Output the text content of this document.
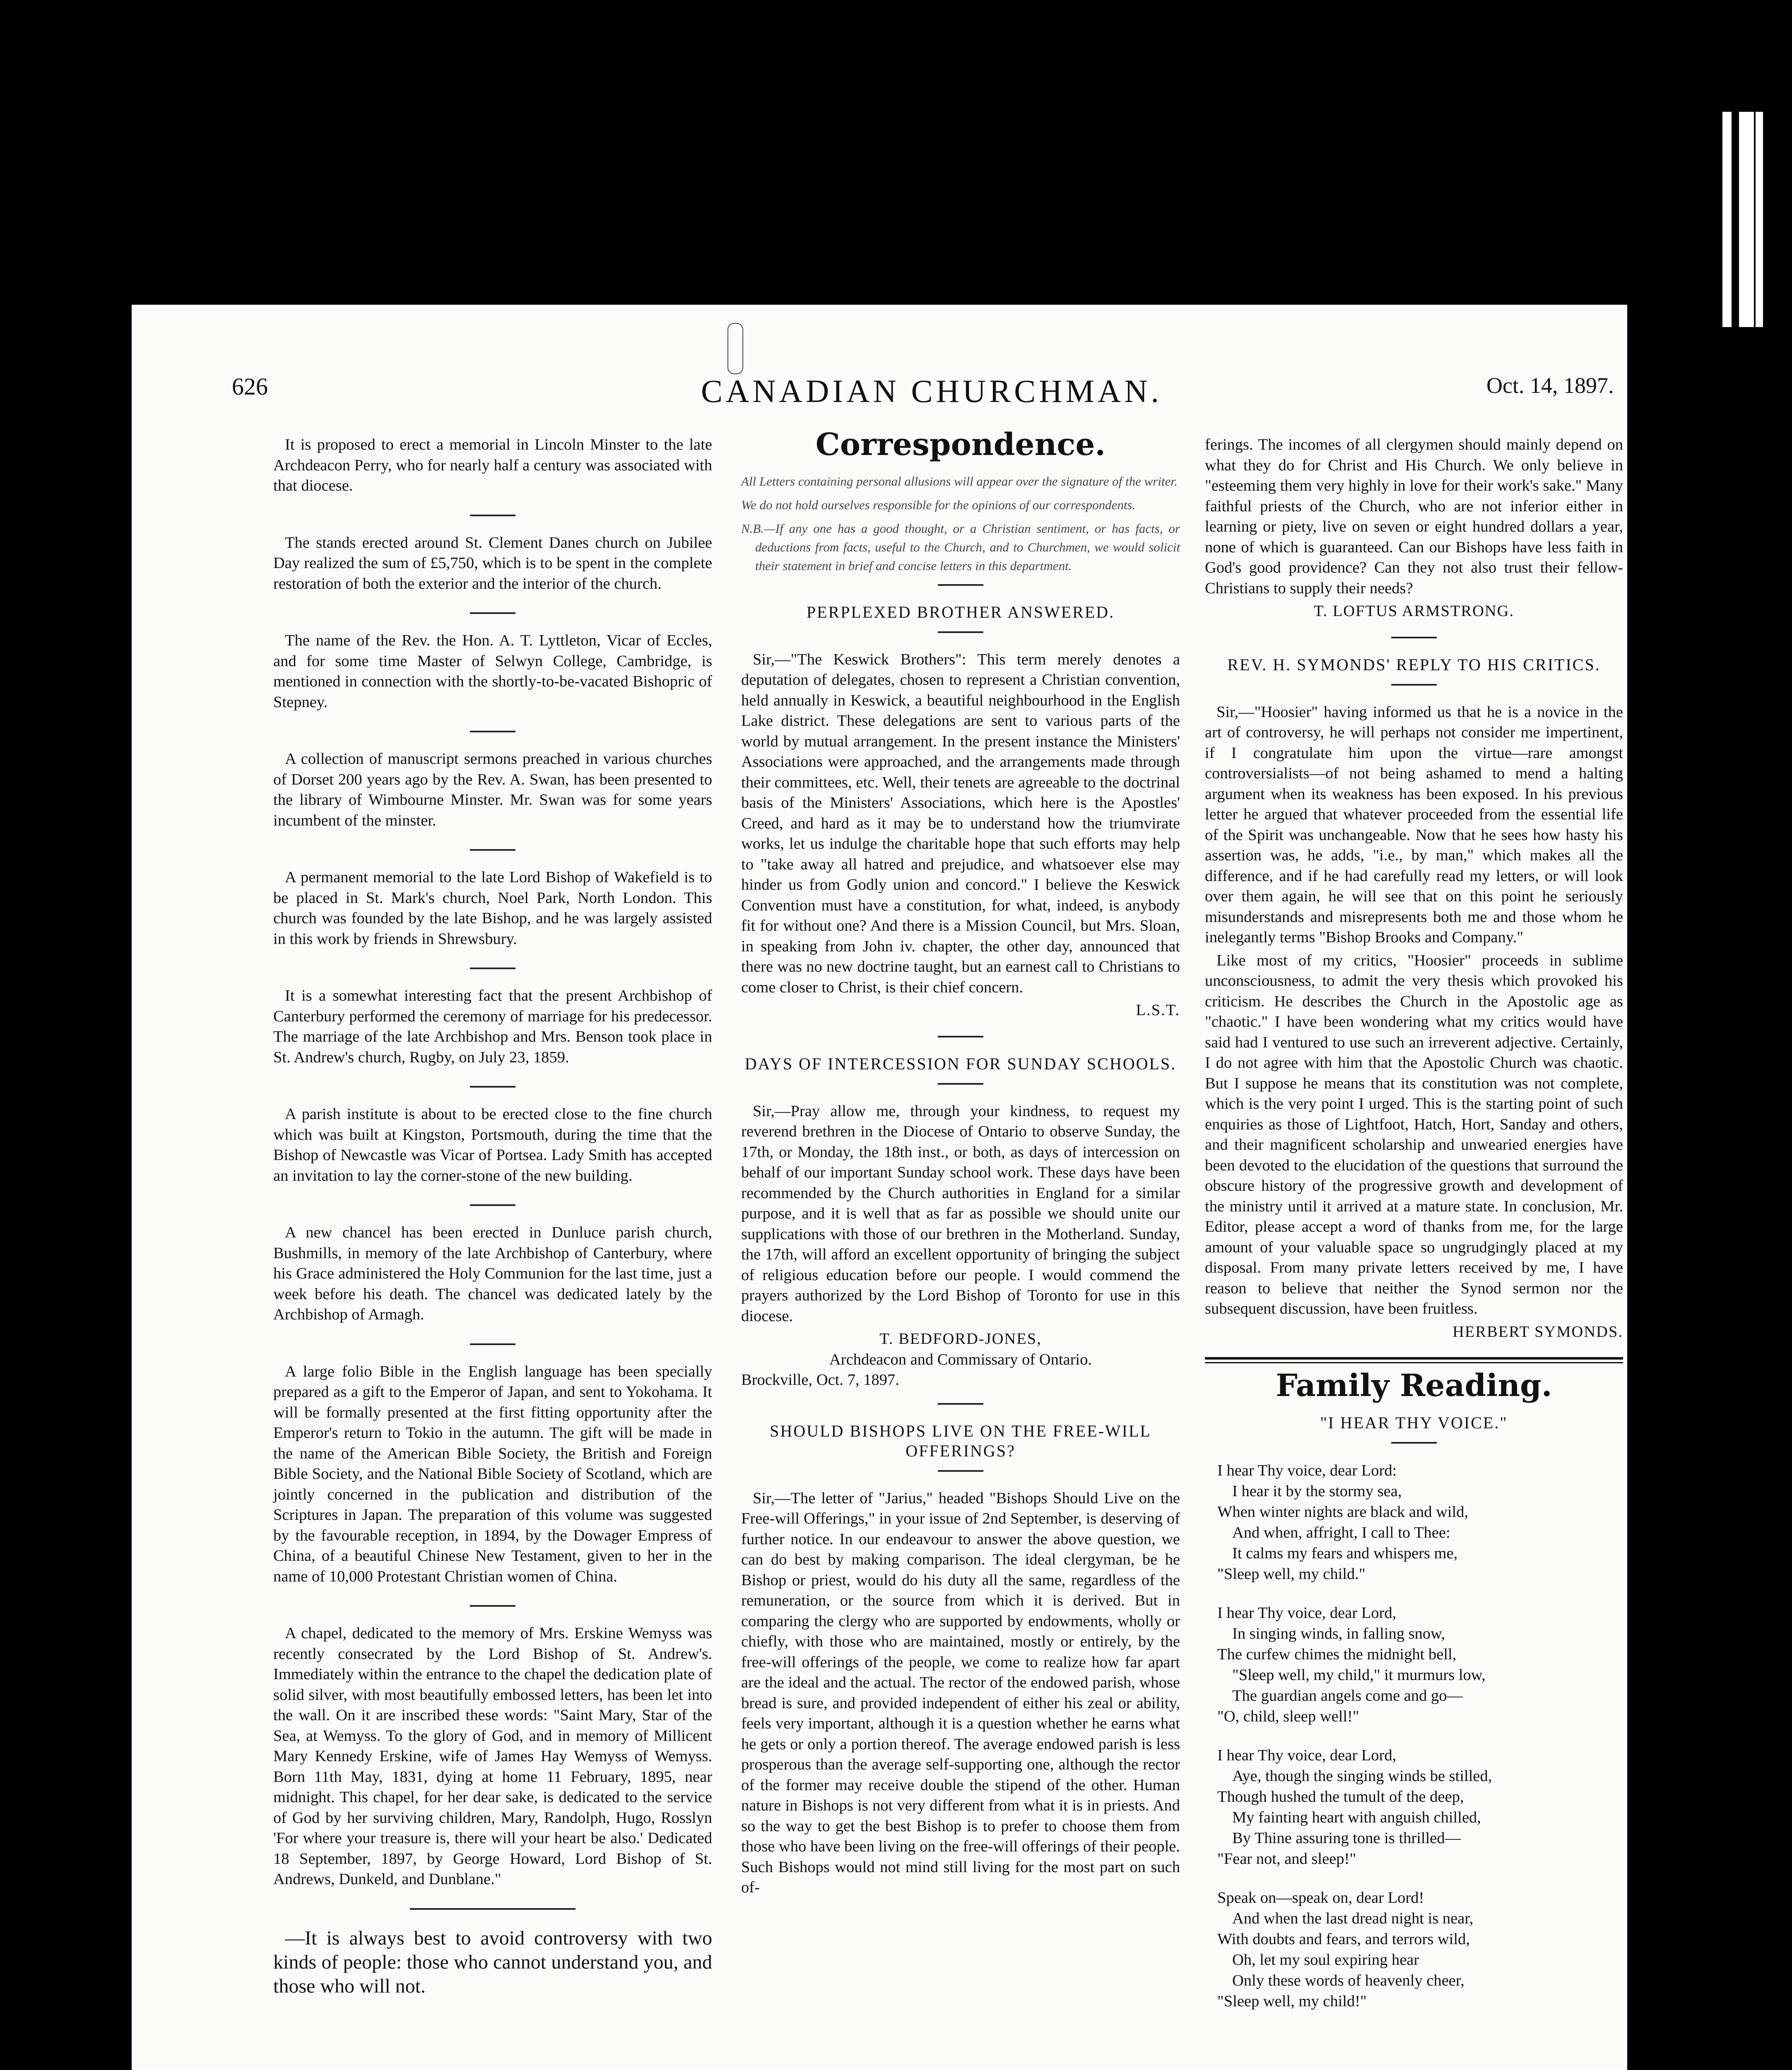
626	CANADIAN CHURCHMAN.	Oct. 14, 1897.

It is proposed to erect a memorial in Lincoln Minster to the late Archdeacon Perry, who for nearly half a century was associated with that diocese.

The stands erected around St. Clement Danes church on Jubilee Day realized the sum of £5,750, which is to be spent in the complete restoration of both the exterior and the interior of the church.

The name of the Rev. the Hon. A. T. Lyttleton, Vicar of Eccles, and for some time Master of Selwyn College, Cambridge, is mentioned in connection with the shortly-to-be-vacated Bishopric of Stepney.

A collection of manuscript sermons preached in various churches of Dorset 200 years ago by the Rev. A. Swan, has been presented to the library of Wimbourne Minster. Mr. Swan was for some years incumbent of the minster.

A permanent memorial to the late Lord Bishop of Wakefield is to be placed in St. Mark's church, Noel Park, North London. This church was founded by the late Bishop, and he was largely assisted in this work by friends in Shrewsbury.

It is a somewhat interesting fact that the present Archbishop of Canterbury performed the ceremony of marriage for his predecessor. The marriage of the late Archbishop and Mrs. Benson took place in St. Andrew's church, Rugby, on July 23, 1859.

A parish institute is about to be erected close to the fine church which was built at Kingston, Portsmouth, during the time that the Bishop of Newcastle was Vicar of Portsea. Lady Smith has accepted an invitation to lay the corner-stone of the new building.

A new chancel has been erected in Dunluce parish church, Bushmills, in memory of the late Archbishop of Canterbury, where his Grace administered the Holy Communion for the last time, just a week before his death. The chancel was dedicated lately by the Archbishop of Armagh.

A large folio Bible in the English language has been specially prepared as a gift to the Emperor of Japan, and sent to Yokohama. It will be formally presented at the first fitting opportunity after the Emperor's return to Tokio in the autumn. The gift will be made in the name of the American Bible Society, the British and Foreign Bible Society, and the National Bible Society of Scotland, which are jointly concerned in the publication and distribution of the Scriptures in Japan. The preparation of this volume was suggested by the favourable reception, in 1894, by the Dowager Empress of China, of a beautiful Chinese New Testament, given to her in the name of 10,000 Protestant Christian women of China.

A chapel, dedicated to the memory of Mrs. Erskine Wemyss was recently consecrated by the Lord Bishop of St. Andrew's. Immediately within the entrance to the chapel the dedication plate of solid silver, with most beautifully embossed letters, has been let into the wall. On it are inscribed these words: "Saint Mary, Star of the Sea, at Wemyss. To the glory of God, and in memory of Millicent Mary Kennedy Erskine, wife of James Hay Wemyss of Wemyss. Born 11th May, 1831, dying at home 11 February, 1895, near midnight. This chapel, for her dear sake, is dedicated to the service of God by her surviving children, Mary, Randolph, Hugo, Rosslyn 'For where your treasure is, there will your heart be also.' Dedicated 18 September, 1897, by George Howard, Lord Bishop of St. Andrews, Dunkeld, and Dunblane."

—It is always best to avoid controversy with two kinds of people: those who cannot understand you, and those who will not.

Correspondence.
All Letters containing personal allusions will appear over the signature of the writer.
We do not hold ourselves responsible for the opinions of our correspondents.
N.B.—If any one has a good thought, or a Christian sentiment, or has facts, or deductions from facts, useful to the Church, and to Churchmen, we would solicit their statement in brief and concise letters in this department.
PERPLEXED BROTHER ANSWERED.

Sir,—"The Keswick Brothers": This term merely denotes a deputation of delegates, chosen to represent a Christian convention, held annually in Keswick, a beautiful neighbourhood in the English Lake district. These delegations are sent to various parts of the world by mutual arrangement. In the present instance the Ministers' Associations were approached, and the arrangements made through their committees, etc. Well, their tenets are agreeable to the doctrinal basis of the Ministers' Associations, which here is the Apostles' Creed, and hard as it may be to understand how the triumvirate works, let us indulge the charitable hope that such efforts may help to "take away all hatred and prejudice, and whatsoever else may hinder us from Godly union and concord." I believe the Keswick Convention must have a constitution, for what, indeed, is anybody fit for without one? And there is a Mission Council, but Mrs. Sloan, in speaking from John iv. chapter, the other day, announced that there was no new doctrine taught, but an earnest call to Christians to come closer to Christ, is their chief concern.

L.S.T.
DAYS OF INTERCESSION FOR SUNDAY SCHOOLS.

Sir,—Pray allow me, through your kindness, to request my reverend brethren in the Diocese of Ontario to observe Sunday, the 17th, or Monday, the 18th inst., or both, as days of intercession on behalf of our important Sunday school work. These days have been recommended by the Church authorities in England for a similar purpose, and it is well that as far as possible we should unite our supplications with those of our brethren in the Motherland. Sunday, the 17th, will afford an excellent opportunity of bringing the subject of religious education before our people. I would commend the prayers authorized by the Lord Bishop of Toronto for use in this diocese.

T. BEDFORD-JONES,
Archdeacon and Commissary of Ontario.
Brockville, Oct. 7, 1897.
SHOULD BISHOPS LIVE ON THE FREE-WILL OFFERINGS?

Sir,—The letter of "Jarius," headed "Bishops Should Live on the Free-will Offerings," in your issue of 2nd September, is deserving of further notice. In our endeavour to answer the above question, we can do best by making comparison. The ideal clergyman, be he Bishop or priest, would do his duty all the same, regardless of the remuneration, or the source from which it is derived. But in comparing the clergy who are supported by endowments, wholly or chiefly, with those who are maintained, mostly or entirely, by the free-will offerings of the people, we come to realize how far apart are the ideal and the actual. The rector of the endowed parish, whose bread is sure, and provided independent of either his zeal or ability, feels very important, although it is a question whether he earns what he gets or only a portion thereof. The average endowed parish is less prosperous than the average self-supporting one, although the rector of the former may receive double the stipend of the other. Human nature in Bishops is not very different from what it is in priests. And so the way to get the best Bishop is to prefer to choose them from those who have been living on the free-will offerings of their people. Such Bishops would not mind still living for the most part on such of-

ferings. The incomes of all clergymen should mainly depend on what they do for Christ and His Church. We only believe in "esteeming them very highly in love for their work's sake." Many faithful priests of the Church, who are not inferior either in learning or piety, live on seven or eight hundred dollars a year, none of which is guaranteed. Can our Bishops have less faith in God's good providence? Can they not also trust their fellow-Christians to supply their needs?

T. LOFTUS ARMSTRONG.
REV. H. SYMONDS' REPLY TO HIS CRITICS.

Sir,—"Hoosier" having informed us that he is a novice in the art of controversy, he will perhaps not consider me impertinent, if I congratulate him upon the virtue—rare amongst controversialists—of not being ashamed to mend a halting argument when its weakness has been exposed. In his previous letter he argued that whatever proceeded from the essential life of the Spirit was unchangeable. Now that he sees how hasty his assertion was, he adds, "i.e., by man," which makes all the difference, and if he had carefully read my letters, or will look over them again, he will see that on this point he seriously misunderstands and misrepresents both me and those whom he inelegantly terms "Bishop Brooks and Company."

Like most of my critics, "Hoosier" proceeds in sublime unconsciousness, to admit the very thesis which provoked his criticism. He describes the Church in the Apostolic age as "chaotic." I have been wondering what my critics would have said had I ventured to use such an irreverent adjective. Certainly, I do not agree with him that the Apostolic Church was chaotic. But I suppose he means that its constitution was not complete, which is the very point I urged. This is the starting point of such enquiries as those of Lightfoot, Hatch, Hort, Sanday and others, and their magnificent scholarship and unwearied energies have been devoted to the elucidation of the questions that surround the obscure history of the progressive growth and development of the ministry until it arrived at a mature state. In conclusion, Mr. Editor, please accept a word of thanks from me, for the large amount of your valuable space so ungrudgingly placed at my disposal. From many private letters received by me, I have reason to believe that neither the Synod sermon nor the subsequent discussion, have been fruitless.

HERBERT SYMONDS.
Family Reading.
"I HEAR THY VOICE."
I hear Thy voice, dear Lord:
I hear it by the stormy sea,
When winter nights are black and wild,
And when, affright, I call to Thee:
It calms my fears and whispers me,
"Sleep well, my child."
I hear Thy voice, dear Lord,
In singing winds, in falling snow,
The curfew chimes the midnight bell,
"Sleep well, my child," it murmurs low,
The guardian angels come and go—
"O, child, sleep well!"
I hear Thy voice, dear Lord,
Aye, though the singing winds be stilled,
Though hushed the tumult of the deep,
My fainting heart with anguish chilled,
By Thine assuring tone is thrilled—
"Fear not, and sleep!"
Speak on—speak on, dear Lord!
And when the last dread night is near,
With doubts and fears, and terrors wild,
Oh, let my soul expiring hear
Only these words of heavenly cheer,
"Sleep well, my child!"
